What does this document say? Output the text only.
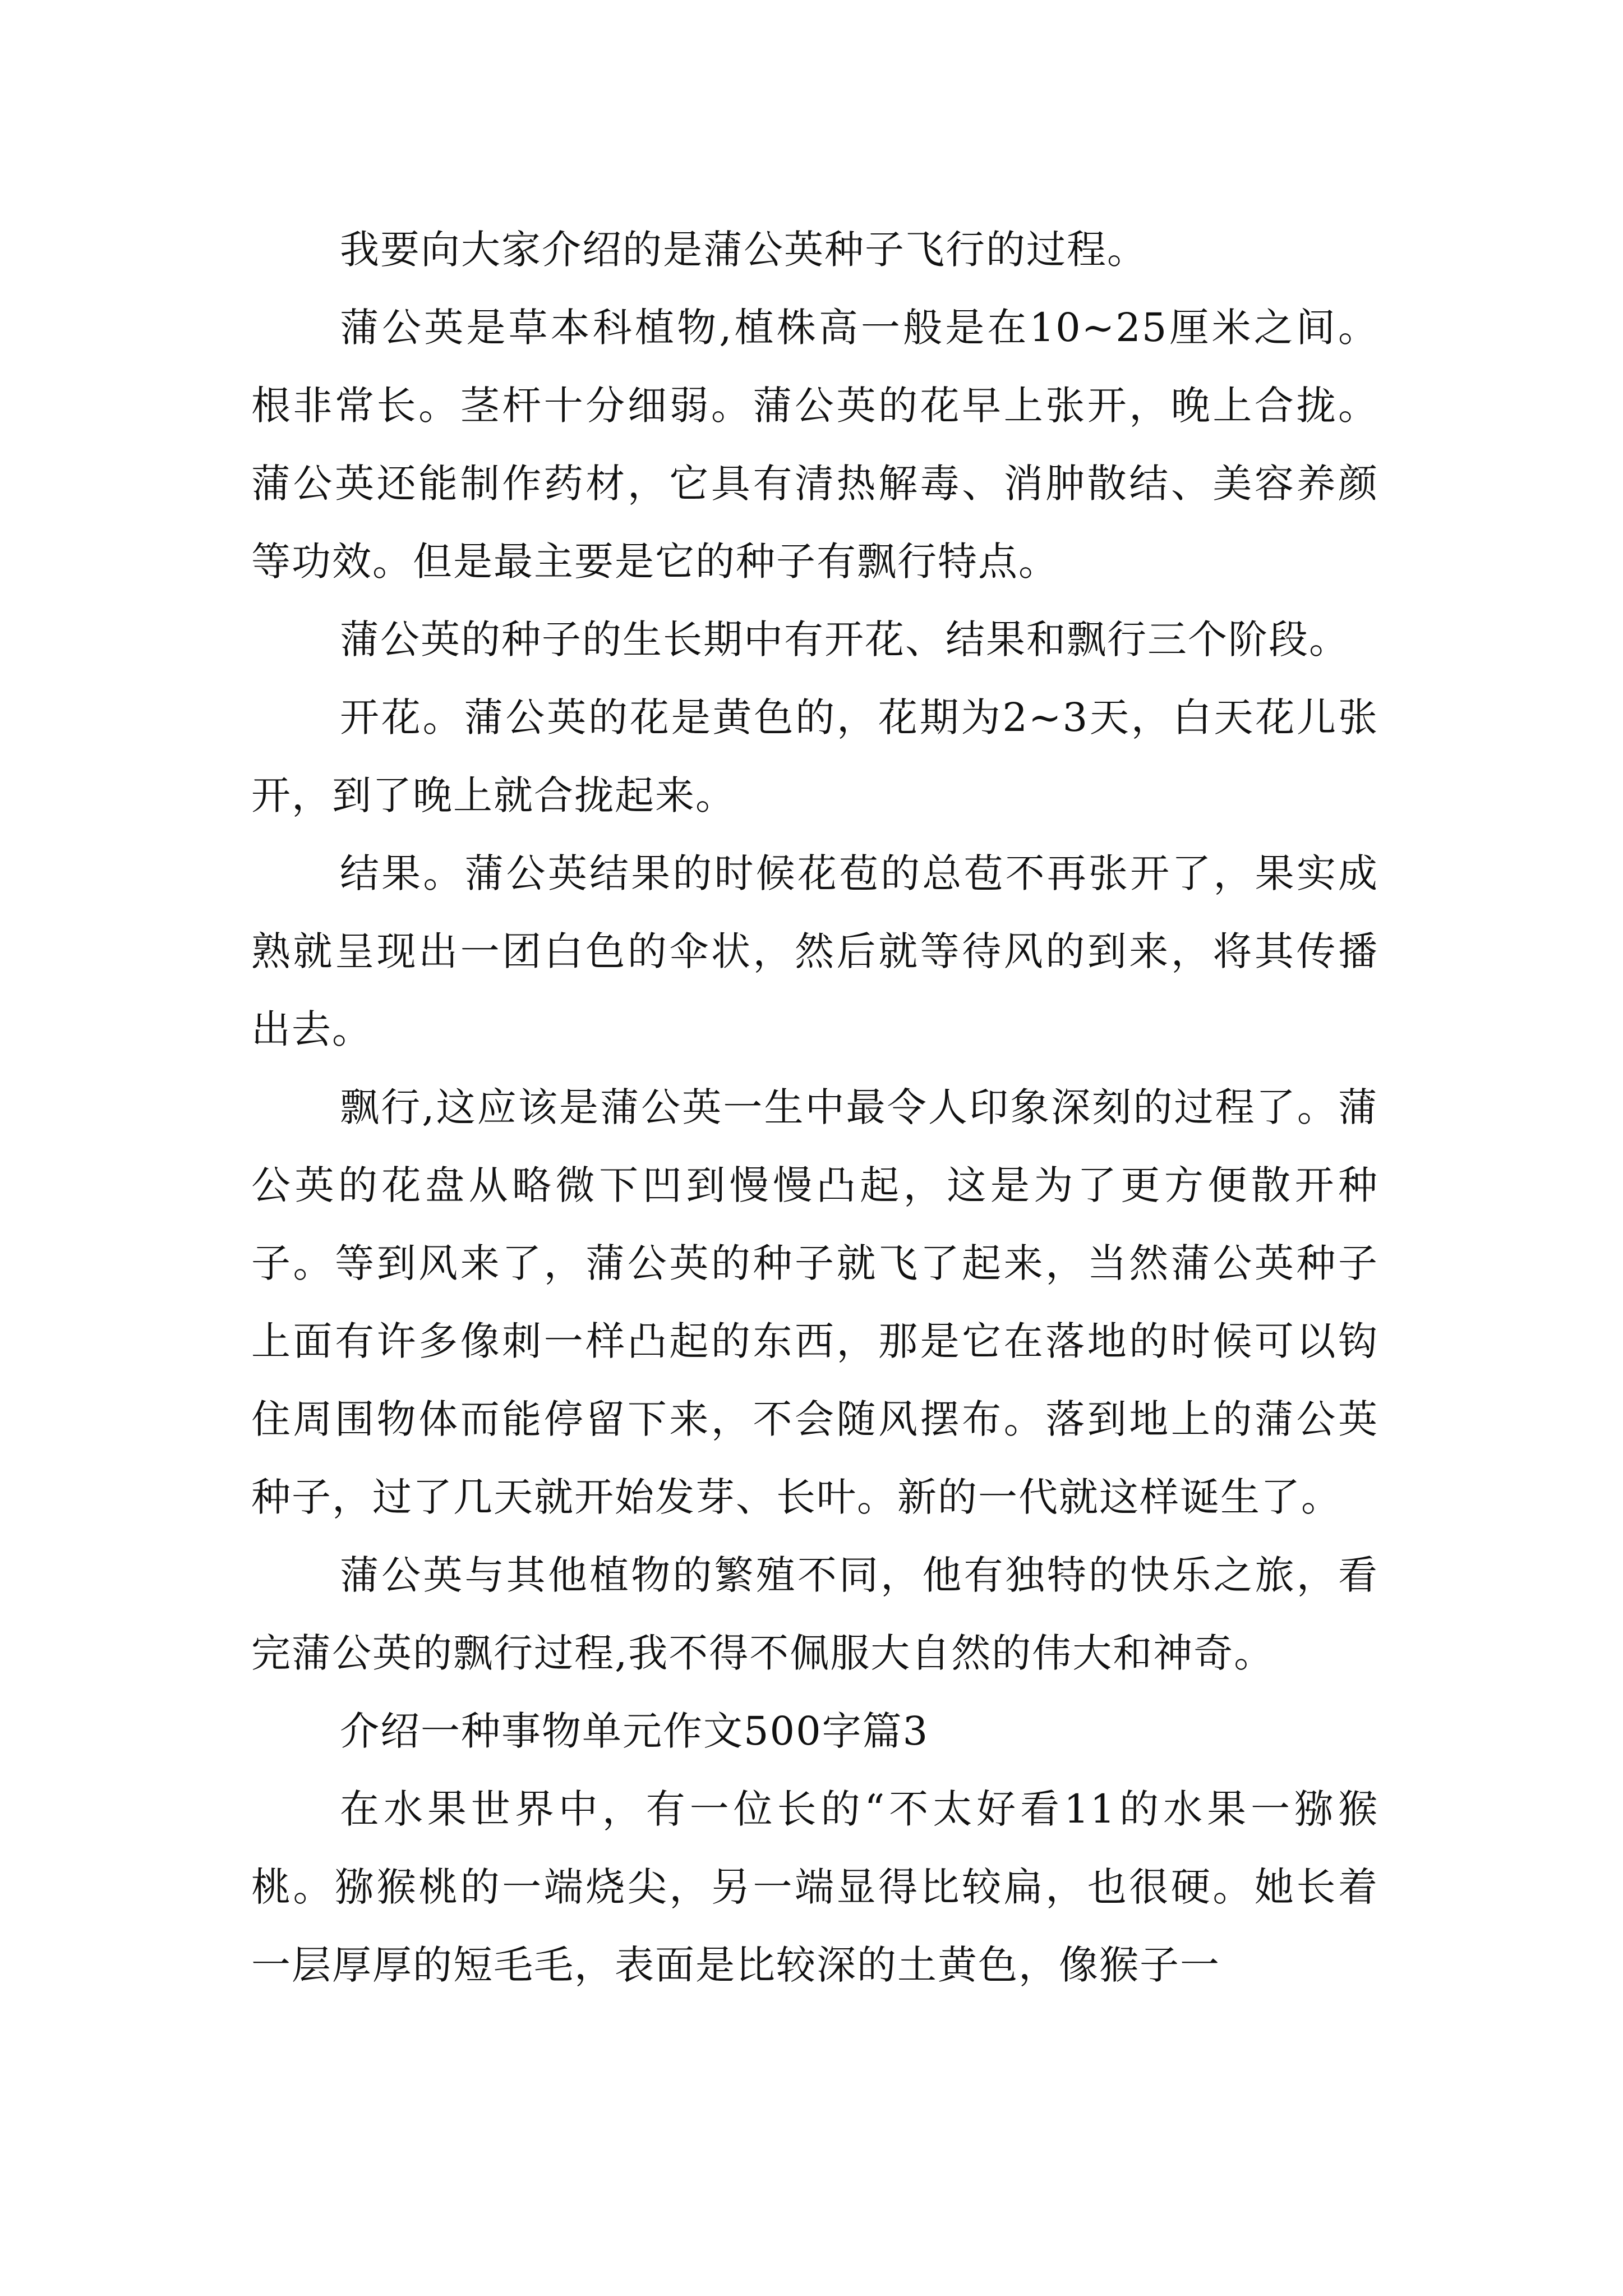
我要向大家介绍的是蒲公英种子飞行的过程。

蒲公英是草本科植物,植株高一般是在10~25厘米之间。根非常长。茎杆十分细弱。蒲公英的花早上张开，晚上合拢。蒲公英还能制作药材，它具有清热解毒、消肿散结、美容养颜等功效。但是最主要是它的种子有飘行特点。

蒲公英的种子的生长期中有开花、结果和飘行三个阶段。

开花。蒲公英的花是黄色的，花期为2~3天，白天花儿张开，到了晚上就合拢起来。

结果。蒲公英结果的时候花苞的总苞不再张开了，果实成熟就呈现出一团白色的伞状，然后就等待风的到来，将其传播出去。

飘行,这应该是蒲公英一生中最令人印象深刻的过程了。蒲公英的花盘从略微下凹到慢慢凸起，这是为了更方便散开种子。等到风来了，蒲公英的种子就飞了起来，当然蒲公英种子上面有许多像刺一样凸起的东西，那是它在落地的时候可以钩住周围物体而能停留下来，不会随风摆布。落到地上的蒲公英种子，过了几天就开始发芽、长叶。新的一代就这样诞生了。

蒲公英与其他植物的繁殖不同，他有独特的快乐之旅，看完蒲公英的飘行过程,我不得不佩服大自然的伟大和神奇。

介绍一种事物单元作文500字篇3

在水果世界中，有一位长的“不太好看11的水果一猕猴桃。猕猴桃的一端烧尖，另一端显得比较扁，也很硬。她长着一层厚厚的短毛毛，表面是比较深的土黄色，像猴子一
